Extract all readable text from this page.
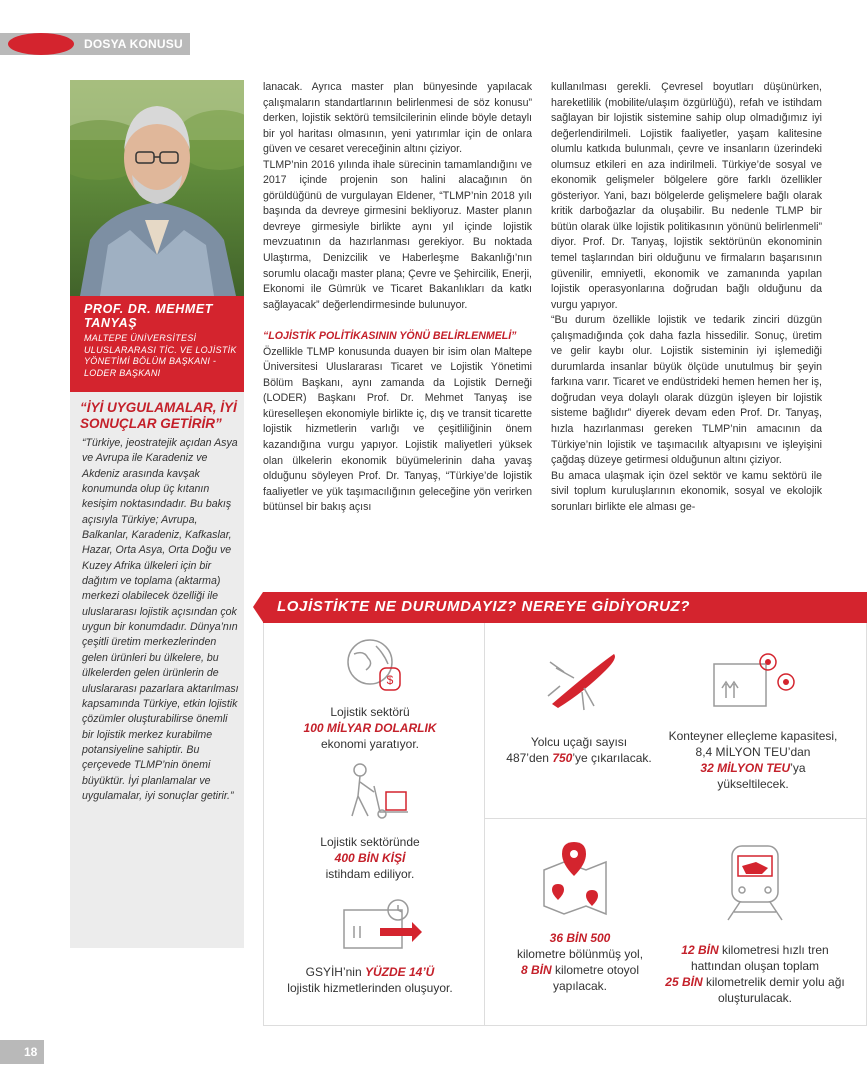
DOSYA KONUSU
PROF. DR. MEHMET TANYAŞ
MALTEPE ÜNİVERSİTESİ ULUSLARARASI TİC. VE LOJİSTİK YÖNETİMİ BÖLÜM BAŞKANI - LODER BAŞKANI
“İYİ UYGULAMALAR, İYİ SONUÇLAR GETİRİR”

“Türkiye, jeostratejik açıdan Asya ve Avrupa ile Karadeniz ve Akdeniz arasında kavşak konumunda olup üç kıtanın kesişim noktasındadır. Bu bakış açısıyla Türkiye; Avrupa, Balkanlar, Karadeniz, Kafkaslar, Hazar, Orta Asya, Orta Doğu ve Kuzey Afrika ülkeleri için bir dağıtım ve toplama (aktarma) merkezi olabilecek özelliği ile uluslararası lojistik açısından çok uygun bir konumdadır. Dünya’nın çeşitli üretim merkezlerinden gelen ürünleri bu ülkelere, bu ülkelerden gelen ürünlerin de uluslararası pazarlara aktarılması kapsamında Türkiye, etkin lojistik çözümler oluşturabilirse önemli bir lojistik merkez kurabilme potansiyeline sahiptir. Bu çerçevede TLMP’nin önemi büyüktür. İyi planlamalar ve uygulamalar, iyi sonuçlar getirir.”

lanacak. Ayrıca master plan bünyesinde yapılacak çalışmaların standartlarının belirlenmesi de söz konusu” derken, lojistik sektörü temsilcilerinin elinde böyle detaylı bir yol haritası olmasının, yeni yatırımlar için de onlara güven ve cesaret vereceğinin altını çiziyor.

TLMP’nin 2016 yılında ihale sürecinin tamamlandığını ve 2017 içinde projenin son halini alacağının ön görüldüğünü de vurgulayan Eldener, “TLMP’nin 2018 yılı başında da devreye girmesini bekliyoruz. Master planın devreye girmesiyle birlikte aynı yıl içinde lojistik mevzuatının da hazırlanması gerekiyor. Bu noktada Ulaştırma, Denizcilik ve Haberleşme Bakanlığı’nın sorumlu olacağı master plana; Çevre ve Şehircilik, Enerji, Ekonomi ile Gümrük ve Ticaret Bakanlıkları da katkı sağlayacak” değerlendirmesinde bulunuyor.

“LOJİSTİK POLİTİKASININ YÖNÜ BELİRLENMELİ”

Özellikle TLMP konusunda duayen bir isim olan Maltepe Üniversitesi Uluslararası Ticaret ve Lojistik Yönetimi Bölüm Başkanı, aynı zamanda da Lojistik Derneği (LODER) Başkanı Prof. Dr. Mehmet Tanyaş ise küreselleşen ekonomiyle birlikte iç, dış ve transit ticarette lojistik hizmetlerin varlığı ve çeşitliliğinin önem kazandığına vurgu yapıyor. Lojistik maliyetleri yüksek olan ülkelerin ekonomik büyümelerinin daha yavaş olduğunu söyleyen Prof. Dr. Tanyaş, “Türkiye’de lojistik faaliyetler ve yük taşımacılığının geleceğine yön verirken bütünsel bir bakış açısı

kullanılması gerekli. Çevresel boyutları düşünürken, hareketlilik (mobilite/ulaşım özgürlüğü), refah ve istihdam sağlayan bir lojistik sistemine sahip olup olmadığımız iyi değerlendirilmeli. Lojistik faaliyetler, yaşam kalitesine olumlu katkıda bulunmalı, çevre ve insanların üzerindeki olumsuz etkileri en aza indirilmeli. Türkiye’de sosyal ve ekonomik gelişmeler bölgelere göre farklı özellikler gösteriyor. Yani, bazı bölgelerde gelişmelere bağlı olarak kritik darboğazlar da oluşabilir. Bu nedenle TLMP bir bütün olarak ülke lojistik politikasının yönünü belirlenmeli” diyor. Prof. Dr. Tanyaş, lojistik sektörünün ekonominin temel taşlarından biri olduğunu ve firmaların başarısının güvenilir, emniyetli, ekonomik ve zamanında yapılan lojistik operasyonlarına doğrudan bağlı olduğunu da vurgu yapıyor.

“Bu durum özellikle lojistik ve tedarik zinciri düzgün çalışmadığında çok daha fazla hissedilir. Sonuç, üretim ve gelir kaybı olur. Lojistik sisteminin iyi işlemediği durumlarda insanlar büyük ölçüde unutulmuş bir şeyin farkına varır. Ticaret ve endüstrideki hemen hemen her iş, doğrudan veya dolaylı olarak düzgün işleyen bir lojistik sisteme bağlıdır” diyerek devam eden Prof. Dr. Tanyaş, hızla hazırlanması gereken TLMP’nin amacının da Türkiye’nin lojistik ve taşımacılık altyapısını ve işleyişini çağdaş düzeye getirmesi olduğunun altını çiziyor.

Bu amaca ulaşmak için özel sektör ve kamu sektörü ile sivil toplum kuruluşlarının ekonomik, sosyal ve ekolojik sorunları birlikte ele alması ge-

LOJİSTİKTE NE DURUMDAYIZ? NEREYE GİDİYORUZ?
$
Lojistik sektörü
100 MİLYAR DOLARLIK
ekonomi yaratıyor.
Lojistik sektöründe
400 BİN KİŞİ
istihdam ediliyor.
GSYİH’nin YÜZDE 14’Ü
lojistik hizmetlerinden oluşuyor.
Yolcu uçağı sayısı
487’den 750’ye çıkarılacak.
Konteyner elleçleme kapasitesi,
8,4 MİLYON TEU’dan
32 MİLYON TEU’ya yükseltilecek.
36 BİN 500
kilometre bölünmüş yol,
8 BİN kilometre otoyol yapılacak.
12 BİN kilometresi hızlı tren hattından oluşan toplam
25 BİN kilometrelik demir yolu ağı oluşturulacak.
18
